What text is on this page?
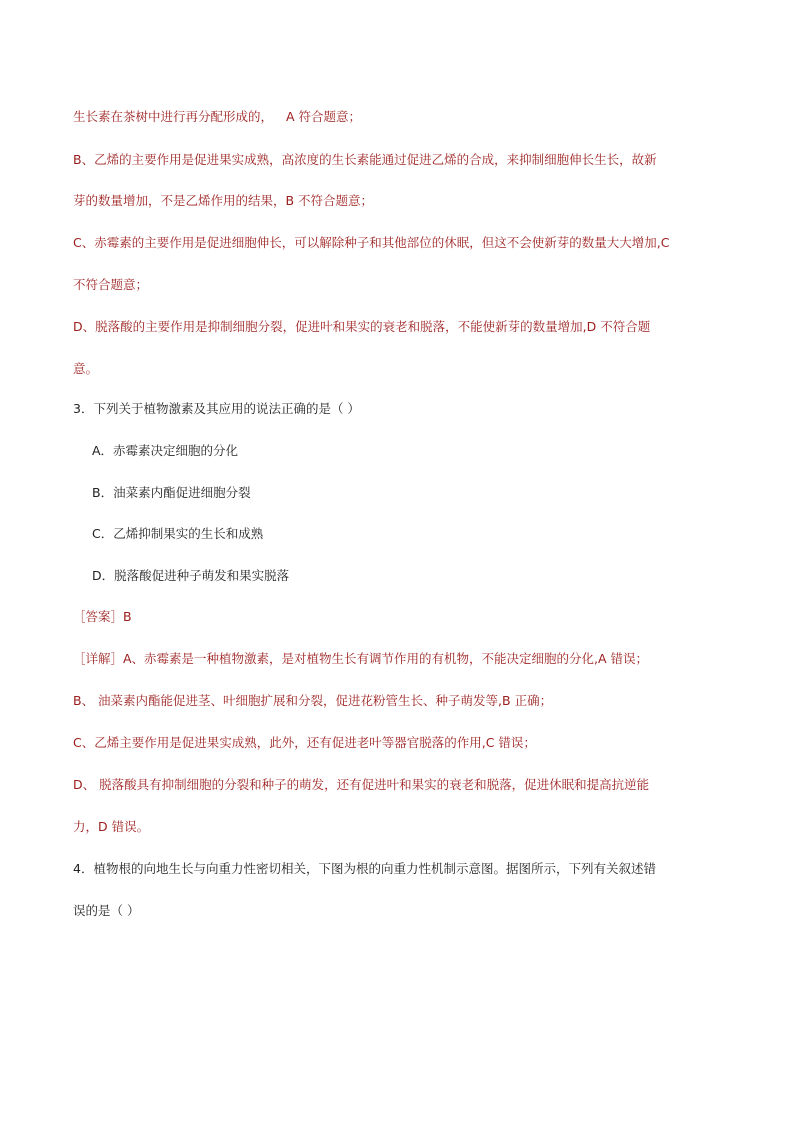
生长素在茶树中进行再分配形成的， A 符合题意；
B、乙烯的主要作用是促进果实成熟，高浓度的生长素能通过促进乙烯的合成，来抑制细胞伸长生长，故新
芽的数量增加，不是乙烯作用的结果，B 不符合题意；
C、赤霉素的主要作用是促进细胞伸长，可以解除种子和其他部位的休眠，但这不会使新芽的数量大大增加,C
不符合题意；
D、脱落酸的主要作用是抑制细胞分裂，促进叶和果实的衰老和脱落，不能使新芽的数量增加,D 不符合题
意。
3．下列关于植物激素及其应用的说法正确的是（ ）
A．赤霉素决定细胞的分化
B．油菜素内酯促进细胞分裂
C．乙烯抑制果实的生长和成熟
D．脱落酸促进种子萌发和果实脱落
［答案］B
［详解］A、赤霉素是一种植物激素，是对植物生长有调节作用的有机物，不能决定细胞的分化,A 错误；
B、 油菜素内酯能促进茎、叶细胞扩展和分裂，促进花粉管生长、种子萌发等,B 正确；
C、乙烯主要作用是促进果实成熟，此外，还有促进老叶等器官脱落的作用,C 错误；
D、 脱落酸具有抑制细胞的分裂和种子的萌发，还有促进叶和果实的衰老和脱落，促进休眠和提高抗逆能
力，D 错误。
4．植物根的向地生长与向重力性密切相关，下图为根的向重力性机制示意图。据图所示，下列有关叙述错
误的是（ ）
